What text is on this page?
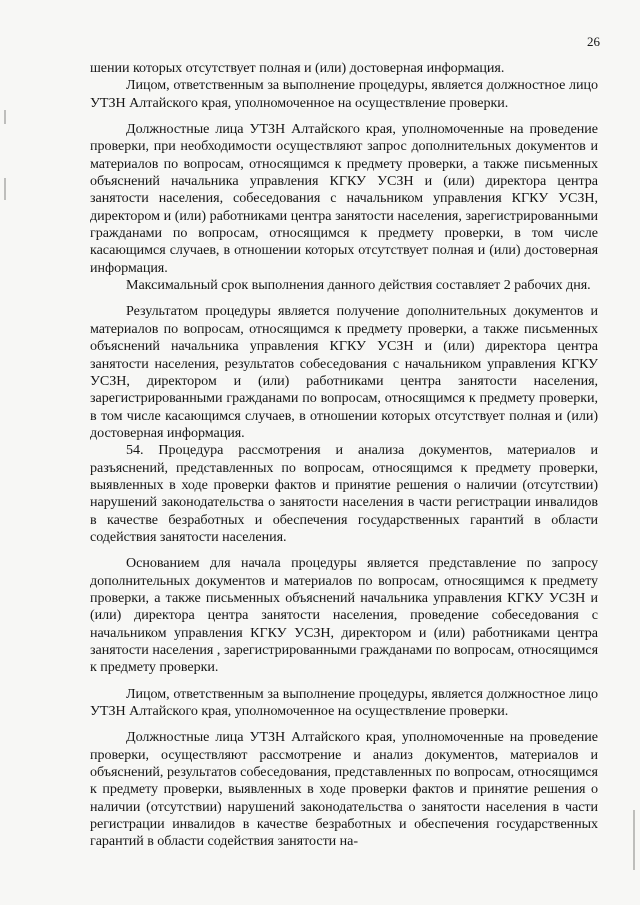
26

шении которых отсутствует полная и (или) достоверная информация.

Лицом, ответственным за выполнение процедуры, является должностное лицо УТЗН Алтайского края, уполномоченное на осуществление проверки.

Должностные лица УТЗН Алтайского края, уполномоченные на проведение проверки, при необходимости осуществляют запрос дополнительных документов и материалов по вопросам, относящимся к предмету проверки, а также письменных объяснений начальника управления КГКУ УСЗН и (или) директора центра занятости населения, собеседования с начальником управления КГКУ УСЗН, директором и (или) работниками центра занятости населения, зарегистрированными гражданами по вопросам, относящимся к предмету проверки, в том числе касающимся случаев, в отношении которых отсутствует полная и (или) достоверная информация.

Максимальный срок выполнения данного действия составляет 2 рабочих дня.

Результатом процедуры является получение дополнительных документов и материалов по вопросам, относящимся к предмету проверки, а также письменных объяснений начальника управления КГКУ УСЗН и (или) директора центра занятости населения, результатов собеседования с начальником управления КГКУ УСЗН, директором и (или) работниками центра занятости населения, зарегистрированными гражданами по вопросам, относящимся к предмету проверки, в том числе касающимся случаев, в отношении которых отсутствует полная и (или) достоверная информация.

54. Процедура рассмотрения и анализа документов, материалов и разъяснений, представленных по вопросам, относящимся к предмету проверки, выявленных в ходе проверки фактов и принятие решения о наличии (отсутствии) нарушений законодательства о занятости населения в части регистрации инвалидов в качестве безработных и обеспечения государственных гарантий в области содействия занятости населения.

Основанием для начала процедуры является представление по запросу дополнительных документов и материалов по вопросам, относящимся к предмету проверки, а также письменных объяснений начальника управления КГКУ УСЗН и (или) директора центра занятости населения, проведение собеседования с начальником управления КГКУ УСЗН, директором и (или) работниками центра занятости населения , зарегистрированными гражданами по вопросам, относящимся к предмету проверки.

Лицом, ответственным за выполнение процедуры, является должностное лицо УТЗН Алтайского края, уполномоченное на осуществление проверки.

Должностные лица УТЗН Алтайского края, уполномоченные на проведение проверки, осуществляют рассмотрение и анализ документов, материалов и объяснений, результатов собеседования, представленных по вопросам, относящимся к предмету проверки, выявленных в ходе проверки фактов и принятие решения о наличии (отсутствии) нарушений законодательства о занятости населения в части регистрации инвалидов в качестве безработных и обеспечения государственных гарантий в области содействия занятости на-
